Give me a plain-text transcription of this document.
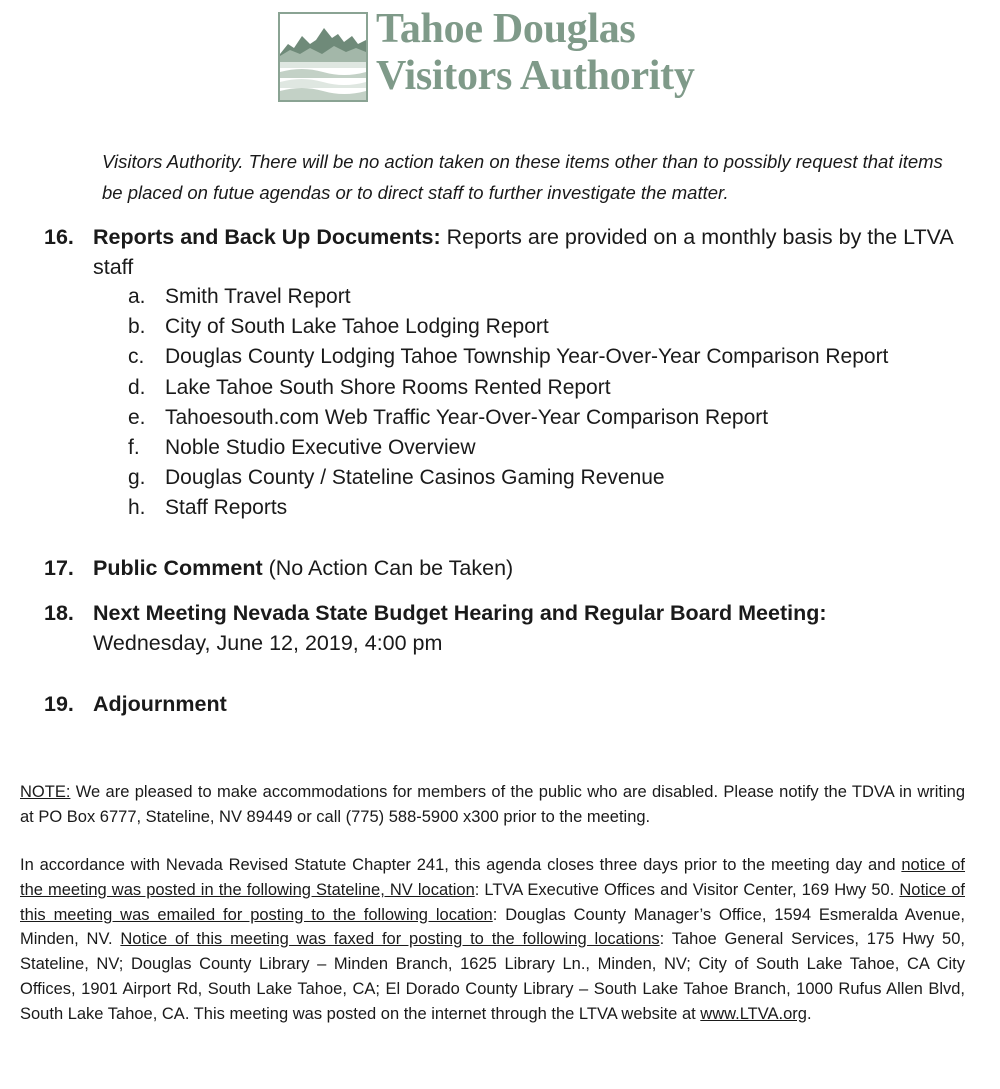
Tahoe Douglas
Visitors Authority
Visitors Authority. There will be no action taken on these items other than to possibly request that items be placed on futue agendas or to direct staff to further investigate the matter.
16. Reports and Back Up Documents: Reports are provided on a monthly basis by the LTVA staff
a. Smith Travel Report
b. City of South Lake Tahoe Lodging Report
c. Douglas County Lodging Tahoe Township Year-Over-Year Comparison Report
d. Lake Tahoe South Shore Rooms Rented Report
e. Tahoesouth.com Web Traffic Year-Over-Year Comparison Report
f.	Noble Studio Executive Overview
g. Douglas County / Stateline Casinos Gaming Revenue
h. Staff Reports
17. Public Comment (No Action Can be Taken)
18. Next Meeting Nevada State Budget Hearing and Regular Board Meeting:
Wednesday, June 12, 2019, 4:00 pm
19. Adjournment
NOTE: We are pleased to make accommodations for members of the public who are disabled. Please notify the TDVA in writing at PO Box 6777, Stateline, NV 89449 or call (775) 588-5900 x300 prior to the meeting.
In accordance with Nevada Revised Statute Chapter 241, this agenda closes three days prior to the meeting day and notice of the meeting was posted in the following Stateline, NV location: LTVA Executive Offices and Visitor Center, 169 Hwy 50. Notice of this meeting was emailed for posting to the following location: Douglas County Manager’s Office, 1594 Esmeralda Avenue, Minden, NV. Notice of this meeting was faxed for posting to the following locations: Tahoe General Services, 175 Hwy 50, Stateline, NV; Douglas County Library – Minden Branch, 1625 Library Ln., Minden, NV; City of South Lake Tahoe, CA City Offices, 1901 Airport Rd, South Lake Tahoe, CA; El Dorado County Library – South Lake Tahoe Branch, 1000 Rufus Allen Blvd, South Lake Tahoe, CA. This meeting was posted on the internet through the LTVA website at www.LTVA.org.
